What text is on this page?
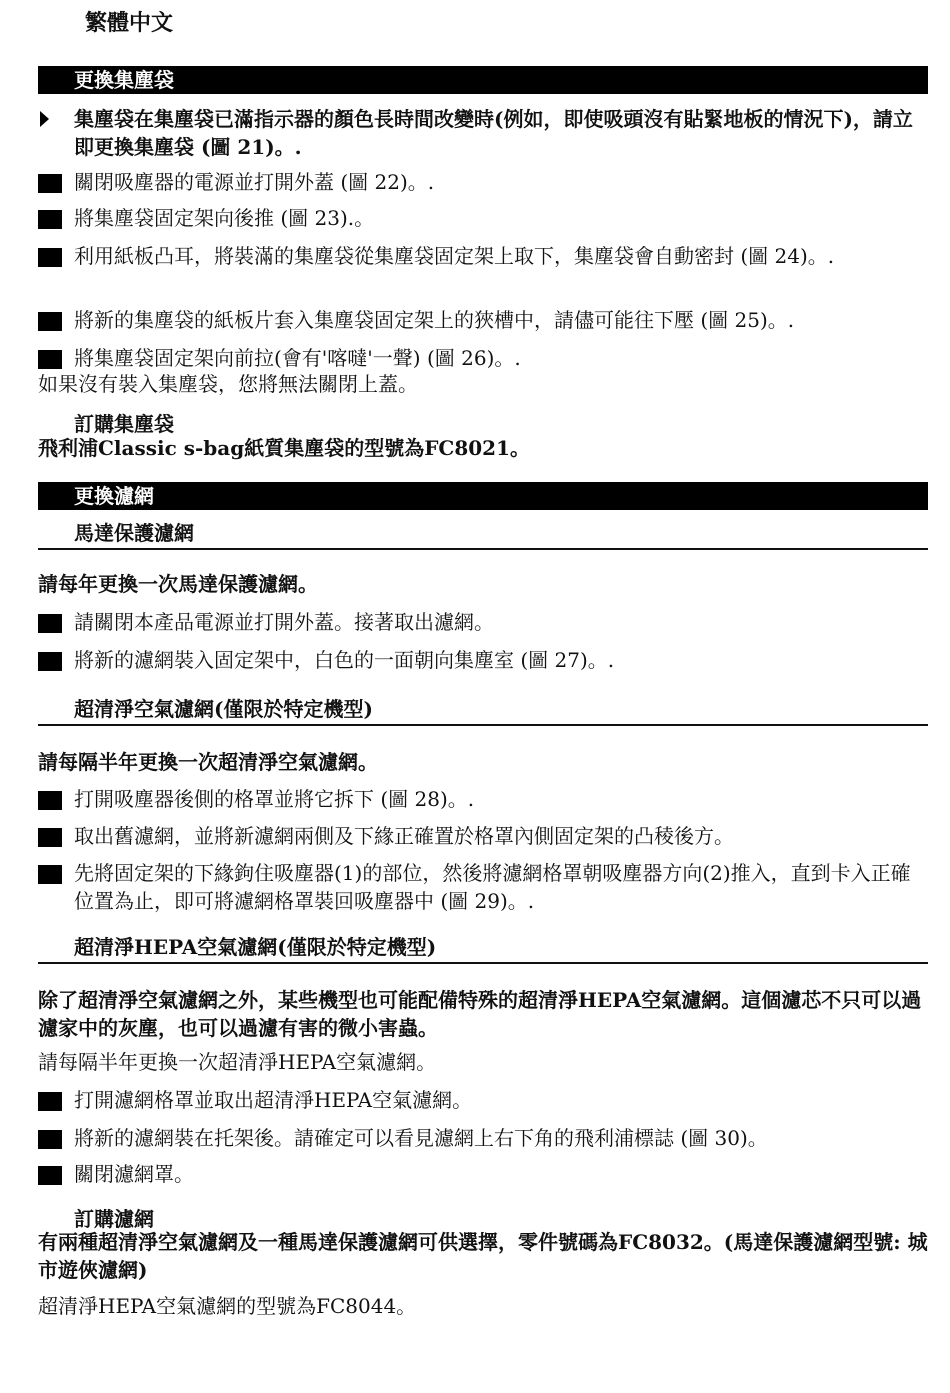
繁體中文
更換集塵袋
集塵袋在集塵袋已滿指示器的顏色長時間改變時(例如，即使吸頭沒有貼緊地板的情況下)，請立即更換集塵袋 (圖 21)。.
關閉吸塵器的電源並打開外蓋 (圖 22)。.
將集塵袋固定架向後推 (圖 23).。
利用紙板凸耳，將裝滿的集塵袋從集塵袋固定架上取下，集塵袋會自動密封 (圖 24)。.
將新的集塵袋的紙板片套入集塵袋固定架上的狹槽中，請儘可能往下壓 (圖 25)。.
將集塵袋固定架向前拉(會有'喀噠'一聲) (圖 26)。.
如果沒有裝入集塵袋，您將無法關閉上蓋。
訂購集塵袋
飛利浦Classic s-bag紙質集塵袋的型號為FC8021。
更換濾網
馬達保護濾網
請每年更換一次馬達保護濾網。
請關閉本產品電源並打開外蓋。接著取出濾網。
將新的濾網裝入固定架中，白色的一面朝向集塵室 (圖 27)。.
超清淨空氣濾網(僅限於特定機型)
請每隔半年更換一次超清淨空氣濾網。
打開吸塵器後側的格罩並將它拆下 (圖 28)。.
取出舊濾網，並將新濾網兩側及下緣正確置於格罩內側固定架的凸稜後方。
先將固定架的下緣鉤住吸塵器(1)的部位，然後將濾網格罩朝吸塵器方向(2)推入，直到卡入正確位置為止，即可將濾網格罩裝回吸塵器中 (圖 29)。.
超清淨HEPA空氣濾網(僅限於特定機型)
除了超清淨空氣濾網之外，某些機型也可能配備特殊的超清淨HEPA空氣濾網。這個濾芯不只可以過濾家中的灰塵，也可以過濾有害的微小害蟲。
請每隔半年更換一次超清淨HEPA空氣濾網。
打開濾網格罩並取出超清淨HEPA空氣濾網。
將新的濾網裝在托架後。請確定可以看見濾網上右下角的飛利浦標誌 (圖 30)。
關閉濾網罩。
訂購濾網
有兩種超清淨空氣濾網及一種馬達保護濾網可供選擇，零件號碼為FC8032。(馬達保護濾網型號: 城市遊俠濾網)
超清淨HEPA空氣濾網的型號為FC8044。
